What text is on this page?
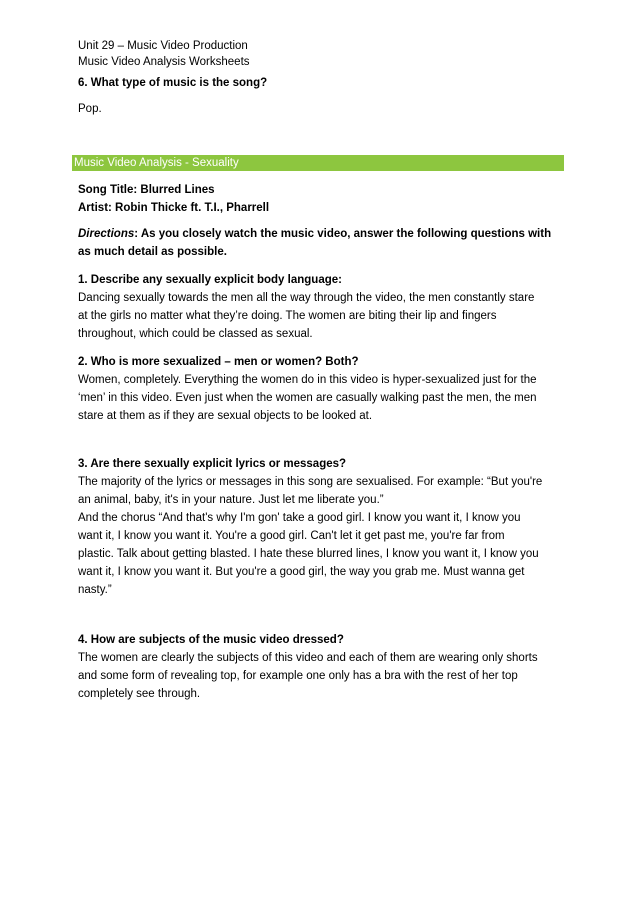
Unit 29 – Music Video Production

Music Video Analysis Worksheets

6. What type of music is the song?

Pop.

Music Video Analysis - Sexuality

Song Title: Blurred Lines

Artist: Robin Thicke ft. T.I., Pharrell

Directions: As you closely watch the music video, answer the following questions with

as much detail as possible.

1. Describe any sexually explicit body language:

Dancing sexually towards the men all the way through the video, the men constantly stare

at the girls no matter what they’re doing. The women are biting their lip and fingers

throughout, which could be classed as sexual.

2. Who is more sexualized – men or women? Both?

Women, completely. Everything the women do in this video is hyper-sexualized just for the

‘men’ in this video. Even just when the women are casually walking past the men, the men

stare at them as if they are sexual objects to be looked at.

3. Are there sexually explicit lyrics or messages?

The majority of the lyrics or messages in this song are sexualised. For example: “But you're

an animal, baby, it's in your nature. Just let me liberate you.”

And the chorus “And that's why I'm gon' take a good girl. I know you want it, I know you

want it, I know you want it. You're a good girl. Can't let it get past me, you're far from

plastic. Talk about getting blasted. I hate these blurred lines, I know you want it, I know you

want it, I know you want it. But you're a good girl, the way you grab me. Must wanna get

nasty.”

4. How are subjects of the music video dressed?

The women are clearly the subjects of this video and each of them are wearing only shorts

and some form of revealing top, for example one only has a bra with the rest of her top

completely see through.
